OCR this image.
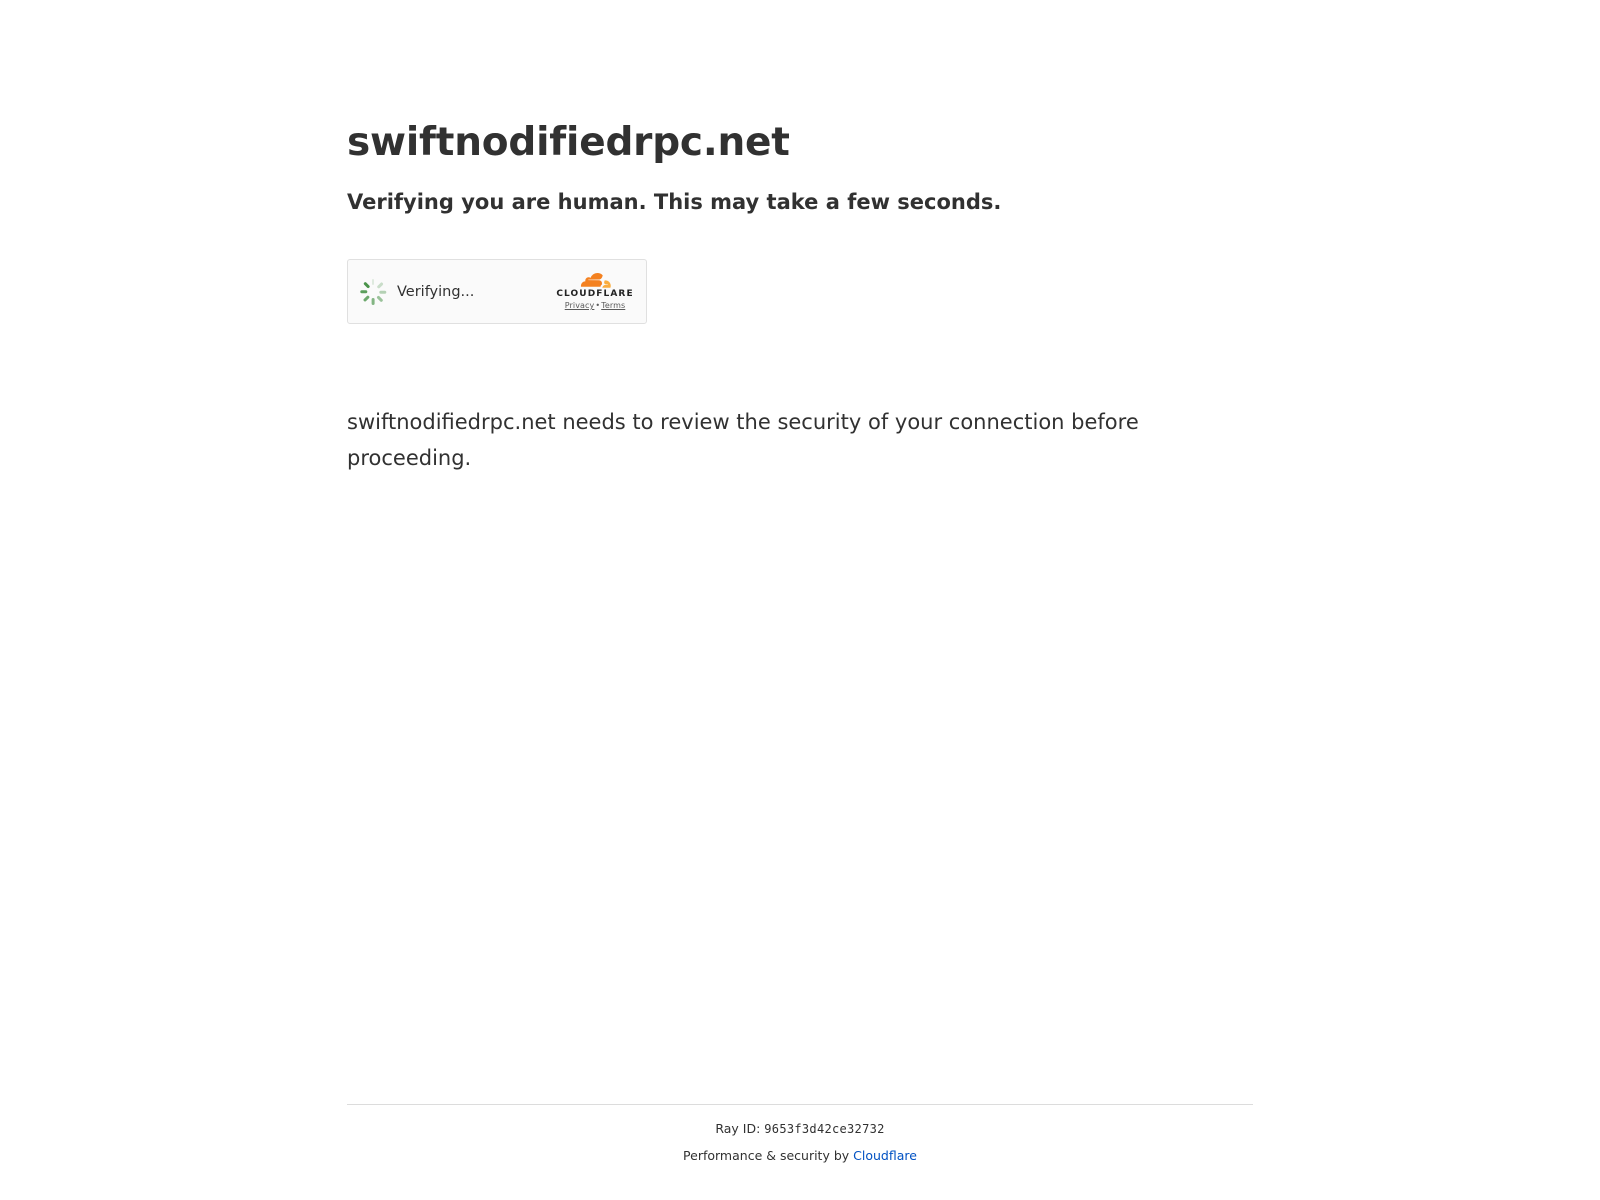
swiftnodifiedrpc.net
Verifying you are human. This may take a few seconds.
Verifying...	CLOUDFLARE
Privacy•Terms
swiftnodifiedrpc.net needs to review the security of your connection before proceeding.
Ray ID: 9653f3d42ce32732
Performance & security by Cloudflare
